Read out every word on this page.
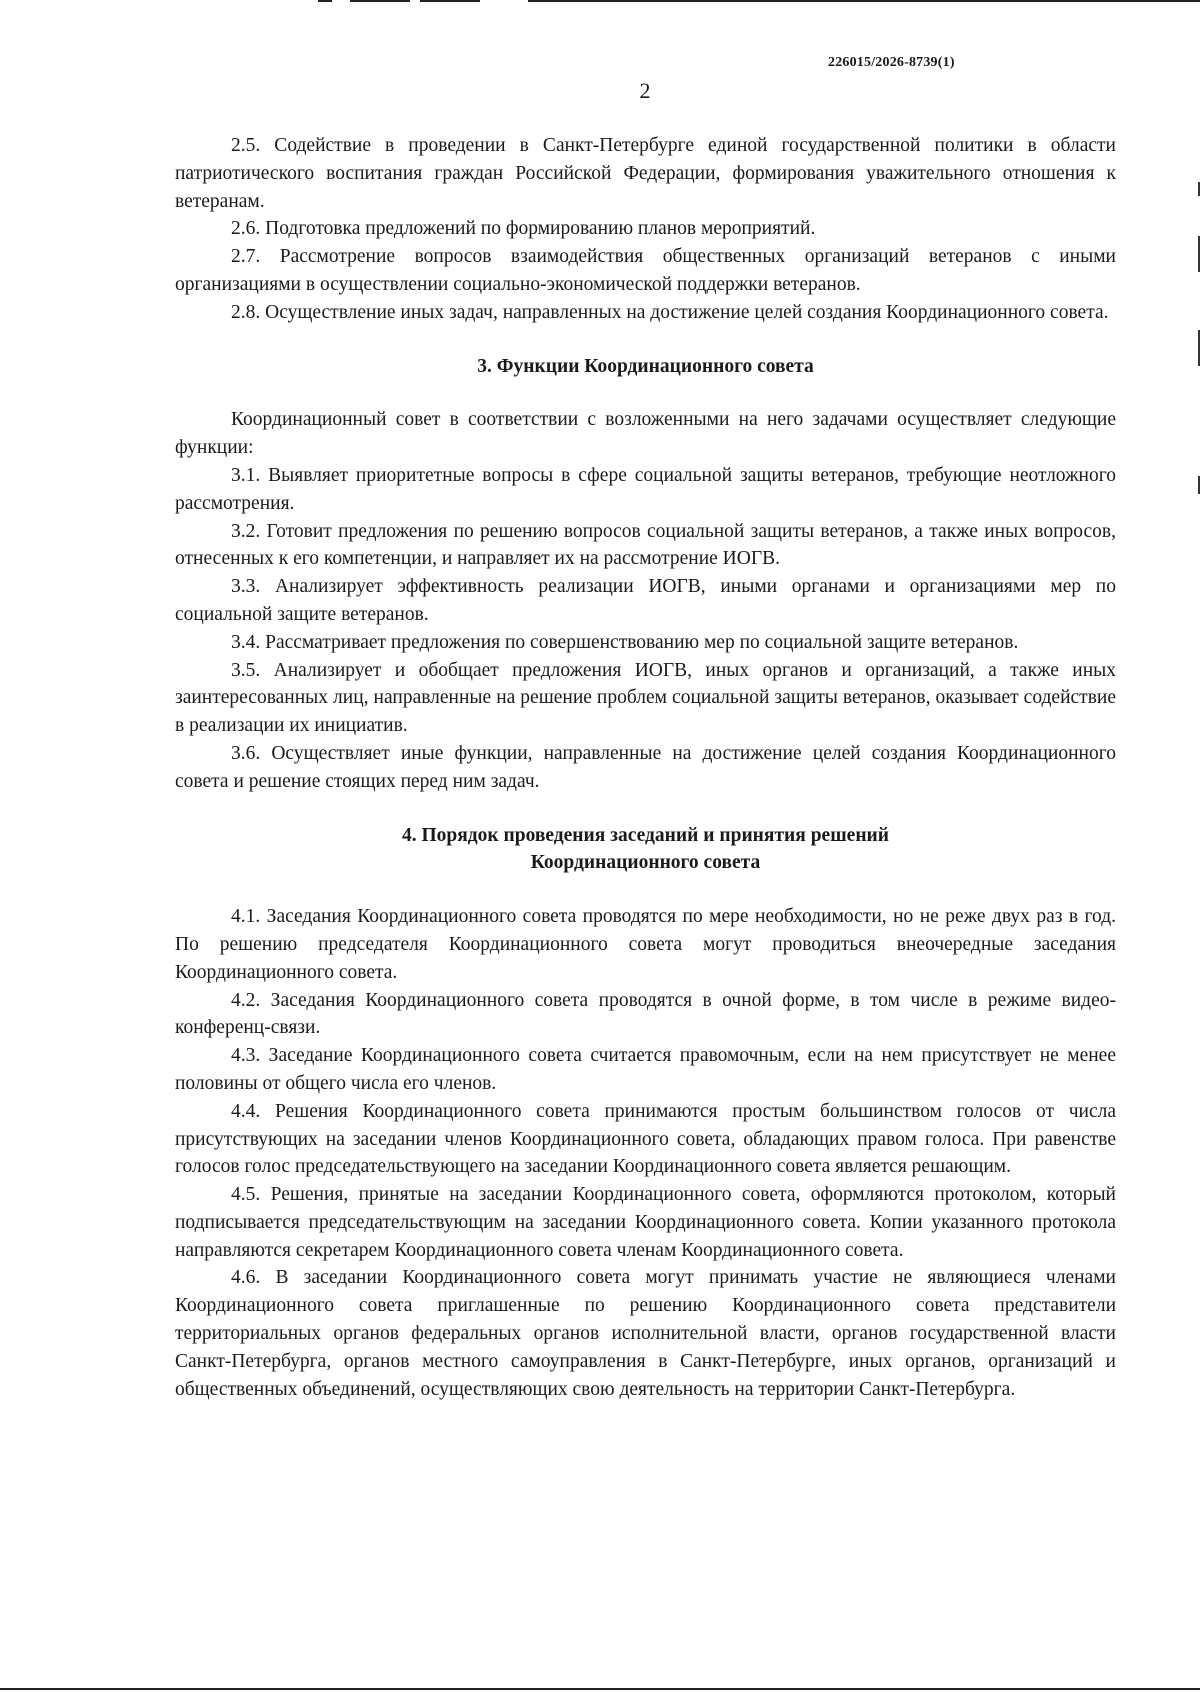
226015/2026-8739(1)
2

2.5. Содействие в проведении в Санкт-Петербурге единой государственной политики в области патриотического воспитания граждан Российской Федерации, формирования уважительного отношения к ветеранам.

2.6. Подготовка предложений по формированию планов мероприятий.

2.7. Рассмотрение вопросов взаимодействия общественных организаций ветеранов с иными организациями в осуществлении социально-экономической поддержки ветеранов.

2.8. Осуществление иных задач, направленных на достижение целей создания Координационного совета.

3. Функции Координационного совета

Координационный совет в соответствии с возложенными на него задачами осуществляет следующие функции:

3.1. Выявляет приоритетные вопросы в сфере социальной защиты ветеранов, требующие неотложного рассмотрения.

3.2. Готовит предложения по решению вопросов социальной защиты ветеранов, а также иных вопросов, отнесенных к его компетенции, и направляет их на рассмотрение ИОГВ.

3.3. Анализирует эффективность реализации ИОГВ, иными органами и организациями мер по социальной защите ветеранов.

3.4. Рассматривает предложения по совершенствованию мер по социальной защите ветеранов.

3.5. Анализирует и обобщает предложения ИОГВ, иных органов и организаций, а также иных заинтересованных лиц, направленные на решение проблем социальной защиты ветеранов, оказывает содействие в реализации их инициатив.

3.6. Осуществляет иные функции, направленные на достижение целей создания Координационного совета и решение стоящих перед ним задач.

4. Порядок проведения заседаний и принятия решений
Координационного совета

4.1. Заседания Координационного совета проводятся по мере необходимости, но не реже двух раз в год. По решению председателя Координационного совета могут проводиться внеочередные заседания Координационного совета.

4.2. Заседания Координационного совета проводятся в очной форме, в том числе в режиме видео-конференц-связи.

4.3. Заседание Координационного совета считается правомочным, если на нем присутствует не менее половины от общего числа его членов.

4.4. Решения Координационного совета принимаются простым большинством голосов от числа присутствующих на заседании членов Координационного совета, обладающих правом голоса. При равенстве голосов голос председательствующего на заседании Координационного совета является решающим.

4.5. Решения, принятые на заседании Координационного совета, оформляются протоколом, который подписывается председательствующим на заседании Координационного совета. Копии указанного протокола направляются секретарем Координационного совета членам Координационного совета.

4.6. В заседании Координационного совета могут принимать участие не являющиеся членами Координационного совета приглашенные по решению Координационного совета представители территориальных органов федеральных органов исполнительной власти, органов государственной власти Санкт-Петербурга, органов местного самоуправления в Санкт-Петербурге, иных органов, организаций и общественных объединений, осуществляющих свою деятельность на территории Санкт-Петербурга.
